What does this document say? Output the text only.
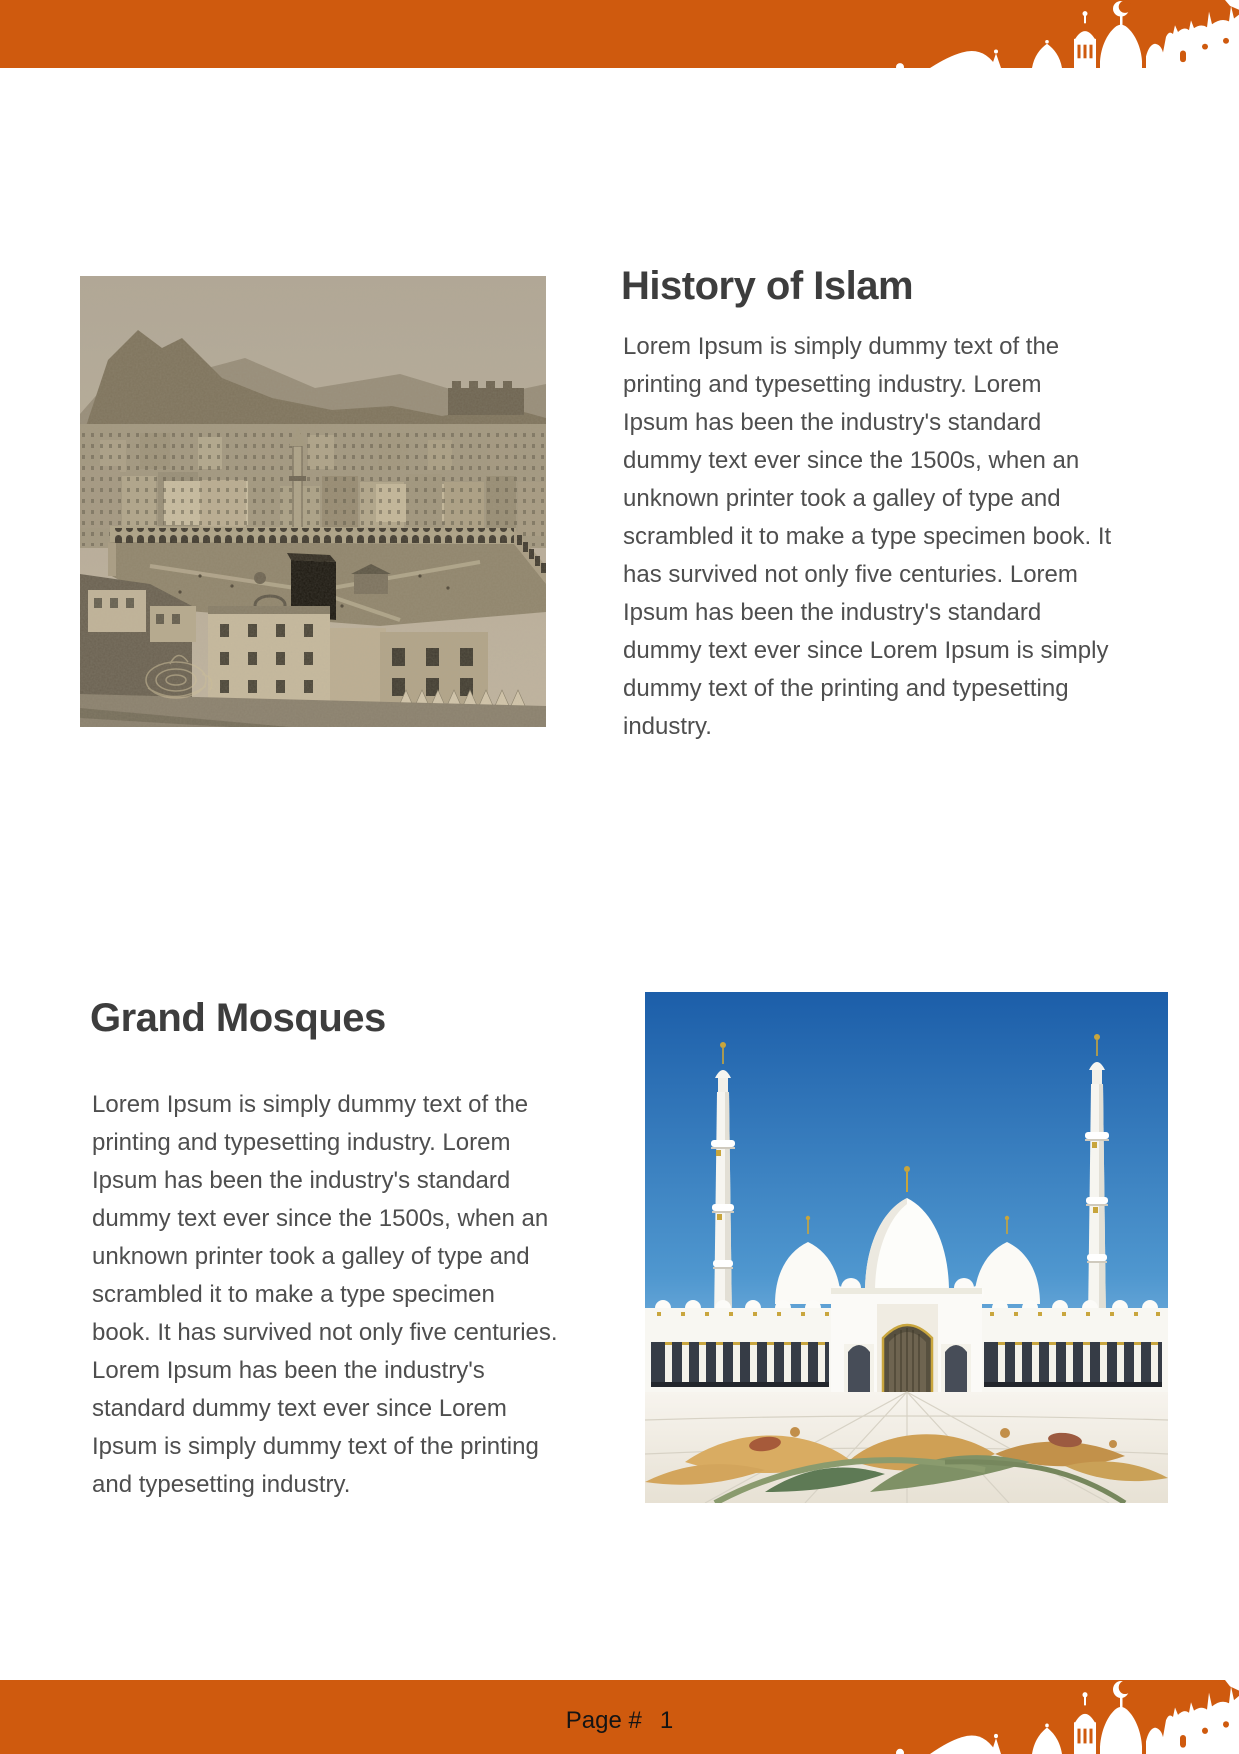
History of Islam

Lorem Ipsum is simply dummy text of the
printing and typesetting industry. Lorem
Ipsum has been the industry's standard
dummy text ever since the 1500s, when an
unknown printer took a galley of type and
scrambled it to make a type specimen book. It
has survived not only five centuries. Lorem
Ipsum has been the industry's standard
dummy text ever since Lorem Ipsum is simply
dummy text of the printing and typesetting
industry.

Grand Mosques

Lorem Ipsum is simply dummy text of the
printing and typesetting industry. Lorem
Ipsum has been the industry's standard
dummy text ever since the 1500s, when an
unknown printer took a galley of type and
scrambled it to make a type specimen
book. It has survived not only five centuries.
Lorem Ipsum has been the industry's
standard dummy text ever since Lorem
Ipsum is simply dummy text of the printing
and typesetting industry.

Page # 1
